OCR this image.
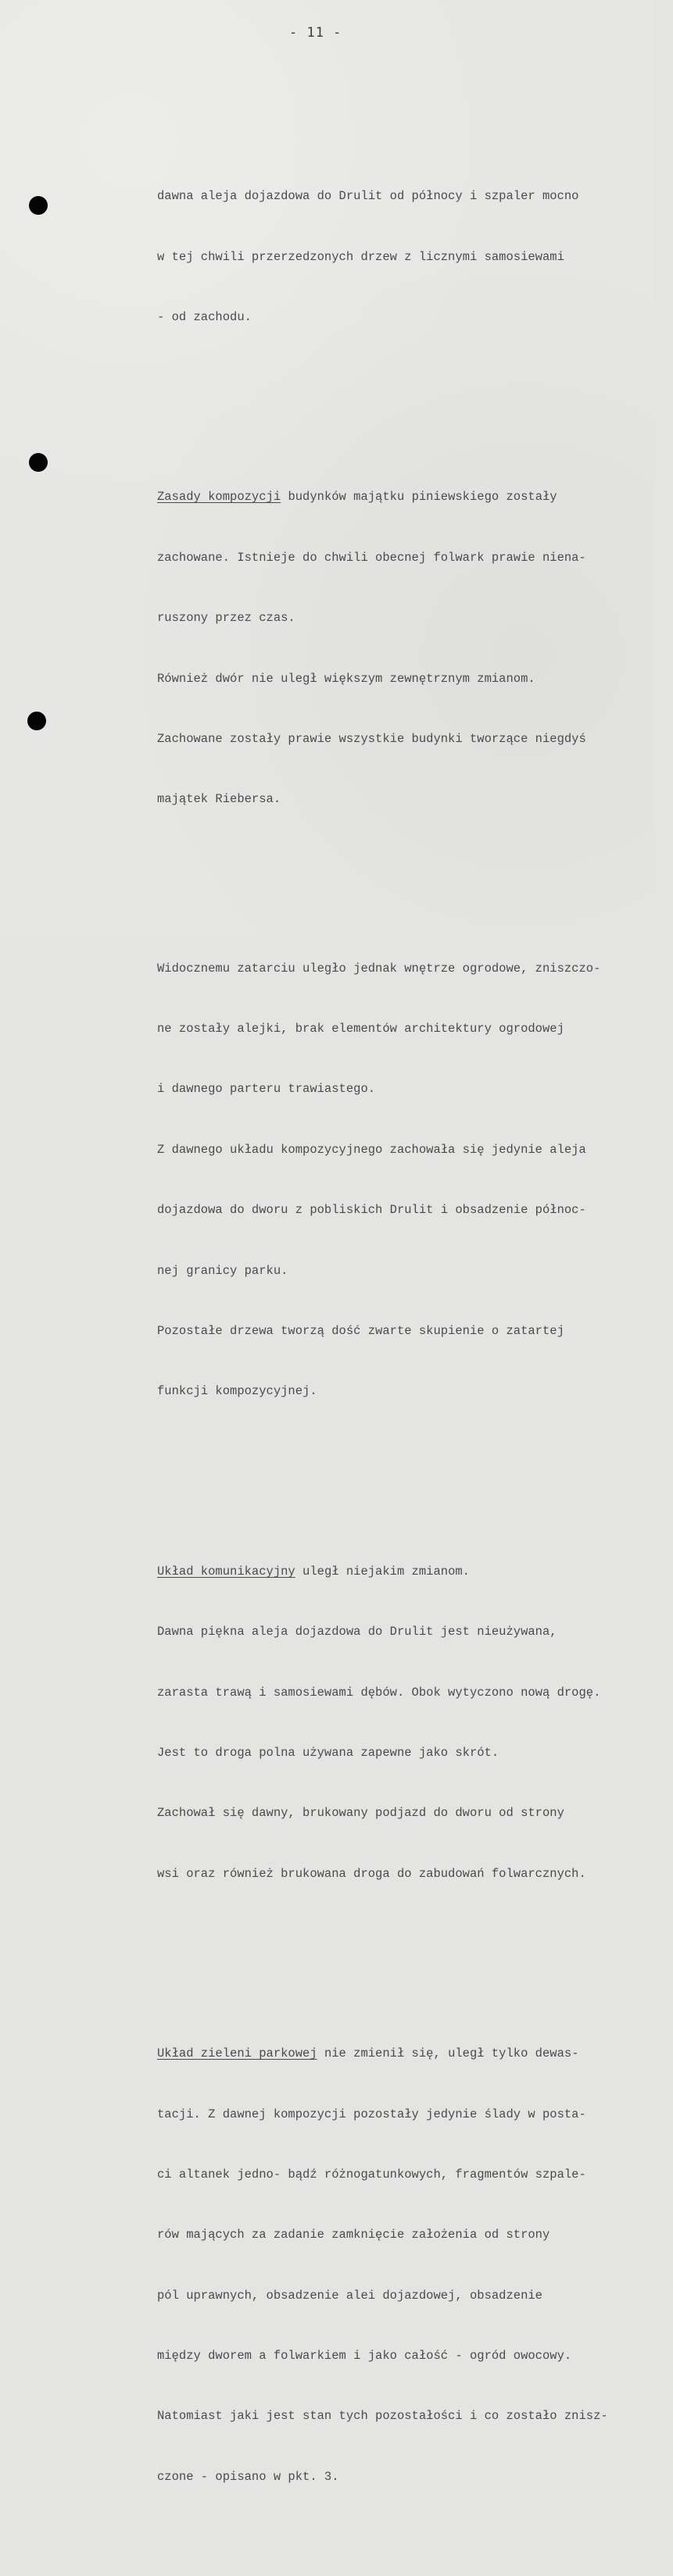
- 11 -

dawna aleja dojazdowa do Drulit od północy i szpaler mocno

w tej chwili przerzedzonych drzew z licznymi samosiewami

- od zachodu.

Zasady kompozycji budynków majątku piniewskiego zostały

zachowane. Istnieje do chwili obecnej folwark prawie niena-

ruszony przez czas.

Również dwór nie uległ większym zewnętrznym zmianom.

Zachowane zostały prawie wszystkie budynki tworzące niegdyś

majątek Riebersa.

Widocznemu zatarciu uległo jednak wnętrze ogrodowe, zniszczo-

ne zostały alejki, brak elementów architektury ogrodowej

i dawnego parteru trawiastego.

Z dawnego układu kompozycyjnego zachowała się jedynie aleja

dojazdowa do dworu z pobliskich Drulit i obsadzenie północ-

nej granicy parku.

Pozostałe drzewa tworzą dość zwarte skupienie o zatartej

funkcji kompozycyjnej.

Układ komunikacyjny uległ niejakim zmianom.

Dawna piękna aleja dojazdowa do Drulit jest nieużywana,

zarasta trawą i samosiewami dębów. Obok wytyczono nową drogę.

Jest to droga polna używana zapewne jako skrót.

Zachował się dawny, brukowany podjazd do dworu od strony

wsi oraz również brukowana droga do zabudowań folwarcznych.

Układ zieleni parkowej nie zmienił się, uległ tylko dewas-

tacji. Z dawnej kompozycji pozostały jedynie ślady w posta-

ci altanek jedno- bądź różnogatunkowych, fragmentów szpale-

rów mających za zadanie zamknięcie założenia od strony

pól uprawnych, obsadzenie alei dojazdowej, obsadzenie

między dworem a folwarkiem i jako całość - ogród owocowy.

Natomiast jaki jest stan tych pozostałości i co zostało znisz-

czone - opisano w pkt. 3.
